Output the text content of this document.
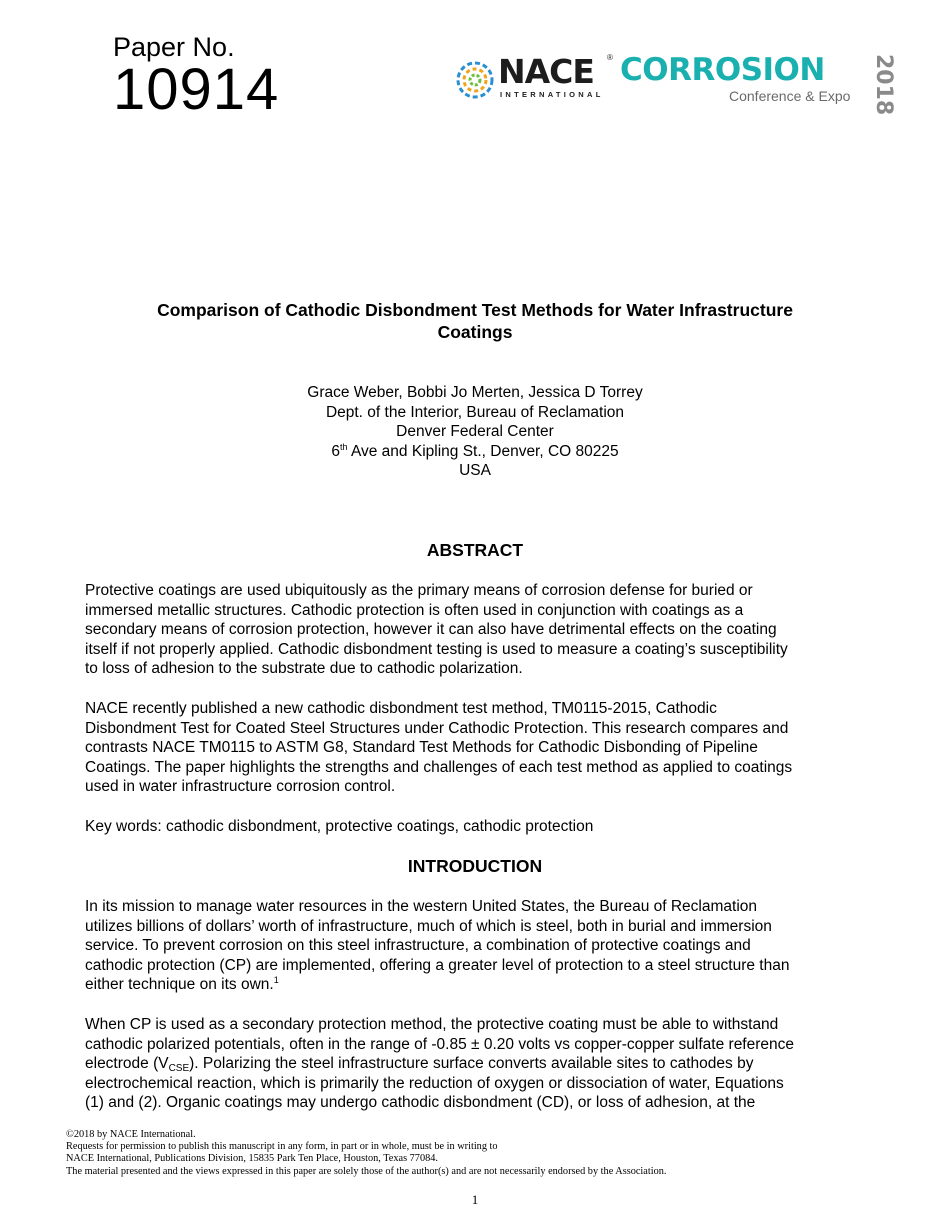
Paper No.
10914	NACE ®
INTERNATIONAL
CORROSION
Conference & Expo 2018
Comparison of Cathodic Disbondment Test Methods for Water Infrastructure
Coatings
Grace Weber, Bobbi Jo Merten, Jessica D Torrey
Dept. of the Interior, Bureau of Reclamation
Denver Federal Center
6th Ave and Kipling St., Denver, CO 80225
USA
ABSTRACT
Protective coatings are used ubiquitously as the primary means of corrosion defense for buried or
immersed metallic structures. Cathodic protection is often used in conjunction with coatings as a
secondary means of corrosion protection, however it can also have detrimental effects on the coating
itself if not properly applied. Cathodic disbondment testing is used to measure a coating’s susceptibility
to loss of adhesion to the substrate due to cathodic polarization.
NACE recently published a new cathodic disbondment test method, TM0115-2015, Cathodic
Disbondment Test for Coated Steel Structures under Cathodic Protection. This research compares and
contrasts NACE TM0115 to ASTM G8, Standard Test Methods for Cathodic Disbonding of Pipeline
Coatings. The paper highlights the strengths and challenges of each test method as applied to coatings
used in water infrastructure corrosion control.
Key words: cathodic disbondment, protective coatings, cathodic protection
INTRODUCTION
In its mission to manage water resources in the western United States, the Bureau of Reclamation
utilizes billions of dollars’ worth of infrastructure, much of which is steel, both in burial and immersion
service. To prevent corrosion on this steel infrastructure, a combination of protective coatings and
cathodic protection (CP) are implemented, offering a greater level of protection to a steel structure than
either technique on its own.$^1$
When CP is used as a secondary protection method, the protective coating must be able to withstand
cathodic polarized potentials, often in the range of -0.85 ± 0.20 volts vs copper-copper sulfate reference
electrode $(V_{CSE})$. Polarizing the steel infrastructure surface converts available sites to cathodes by
electrochemical reaction, which is primarily the reduction of oxygen or dissociation of water, Equations
(1) and (2). Organic coatings may undergo cathodic disbondment (CD), or loss of adhesion, at the
©2018 by NACE International.
Requests for permission to publish this manuscript in any form, in part or in whole, must be in writing to
NACE International, Publications Division, 15835 Park Ten Place, Houston, Texas 77084.
The material presented and the views expressed in this paper are solely those of the author(s) and are not necessarily endorsed by the Association.
1
